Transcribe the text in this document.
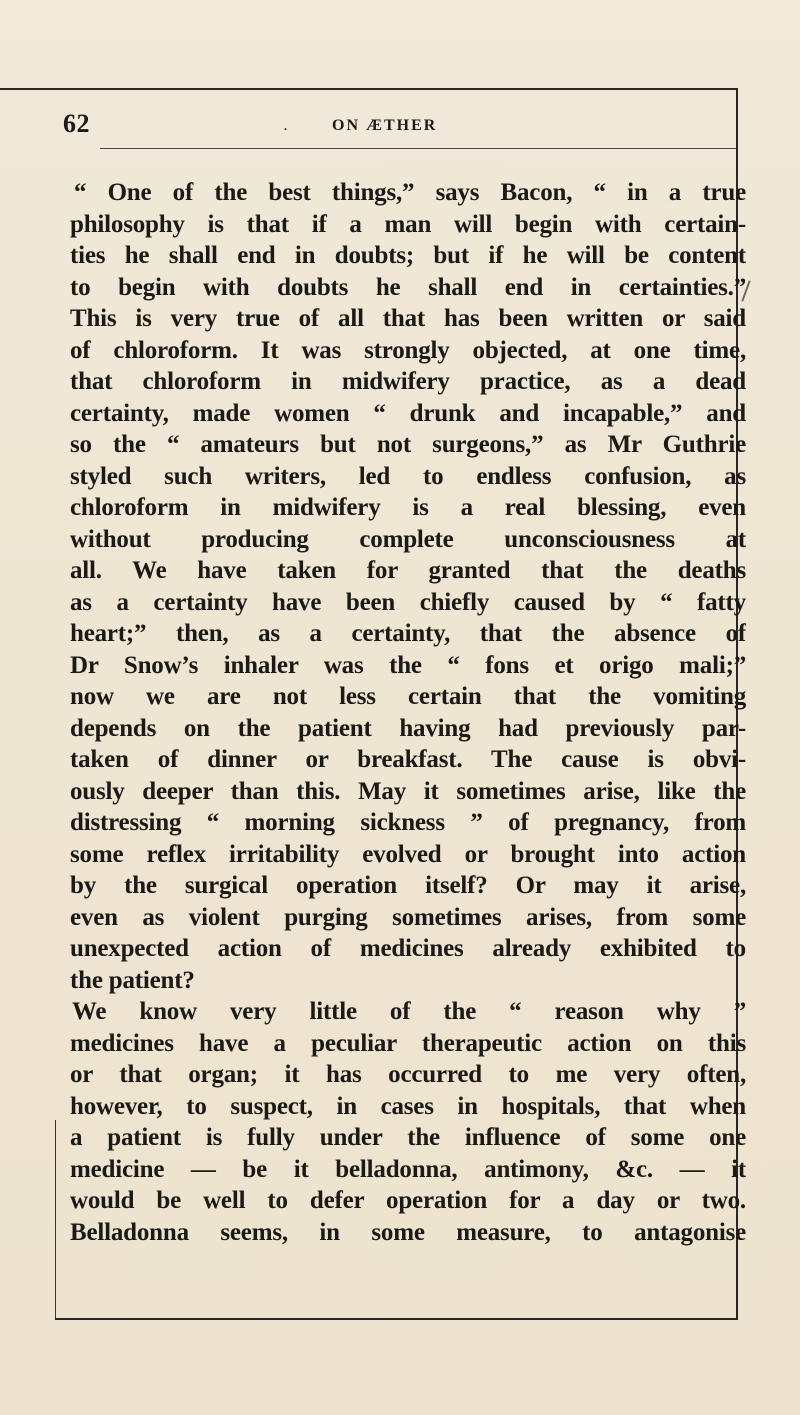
62	.	ON ÆTHER
“ One of the best things,” says Bacon, “ in a true
philosophy is that if a man will begin with certain-
ties he shall end in doubts; but if he will be content
to begin with doubts he shall end in certainties.”
This is very true of all that has been written or said
of chloroform. It was strongly objected, at one time,
that chloroform in midwifery practice, as a dead
certainty, made women “ drunk and incapable,” and
so the “ amateurs but not surgeons,” as Mr Guthrie
styled such writers, led to endless confusion, as
chloroform in midwifery is a real blessing, even
without producing complete unconsciousness at
all. We have taken for granted that the deaths
as a certainty have been chiefly caused by “ fatty
heart;” then, as a certainty, that the absence of
Dr Snow’s inhaler was the “ fons et origo mali;”
now we are not less certain that the vomiting
depends on the patient having had previously par-
taken of dinner or breakfast. The cause is obvi-
ously deeper than this. May it sometimes arise, like the
distressing “ morning sickness ” of pregnancy, from
some reflex irritability evolved or brought into action
by the surgical operation itself? Or may it arise,
even as violent purging sometimes arises, from some
unexpected action of medicines already exhibited to
the patient?
We know very little of the “ reason why ”
medicines have a peculiar therapeutic action on this
or that organ; it has occurred to me very often,
however, to suspect, in cases in hospitals, that when
a patient is fully under the influence of some one
medicine — be it belladonna, antimony, &c. — it
would be well to defer operation for a day or two.
Belladonna seems, in some measure, to antagonise
